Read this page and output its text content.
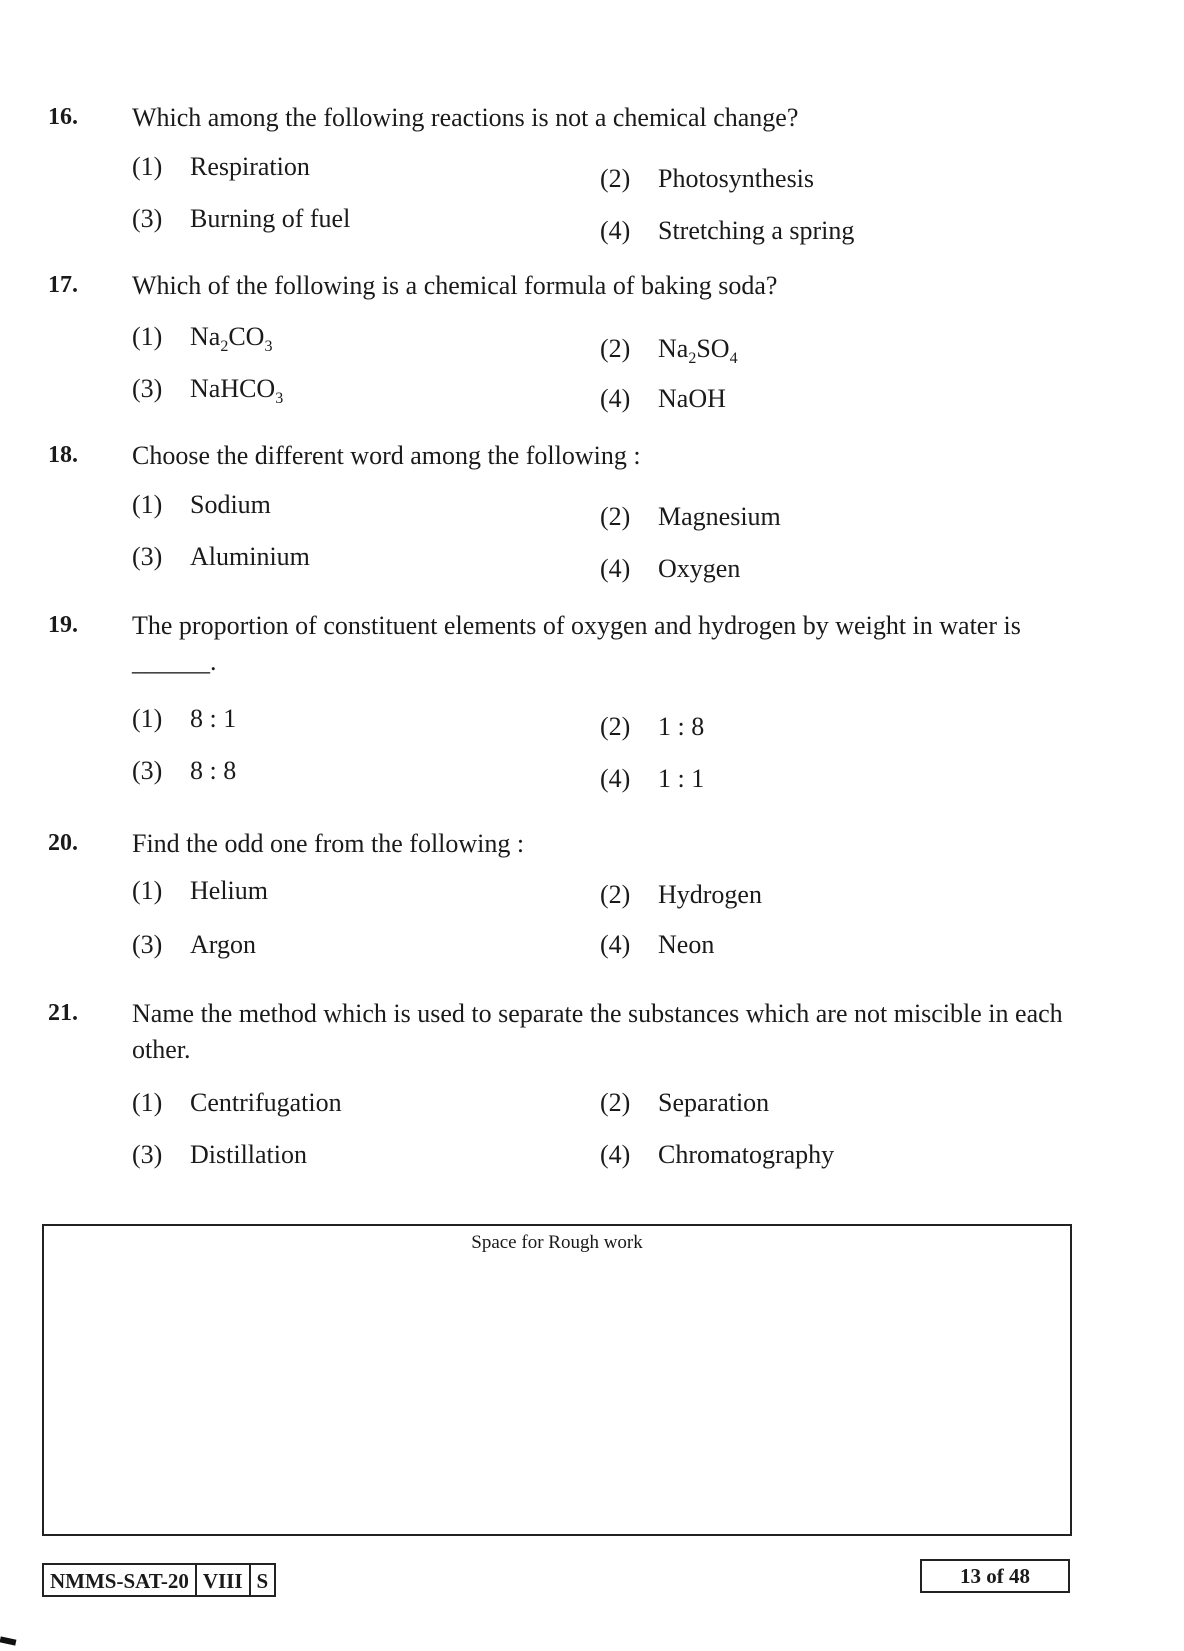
16. Which among the following reactions is not a chemical change?
(1) Respiration	(2) Photosynthesis
(3) Burning of fuel	(4) Stretching a spring
17. Which of the following is a chemical formula of baking soda?
(1) $Na_2CO_3$	(2) $Na_2SO_4$
(3) NaHCO$_3$	(4) NaOH
18. Choose the different word among the following :
(1) Sodium	(2) Magnesium
(3) Aluminium	(4) Oxygen
19. The proportion of constituent elements of oxygen and hydrogen by weight in water is ______.
(1) 8 : 1	(2) 1 : 8
(3) 8 : 8	(4) 1 : 1
20. Find the odd one from the following :
(1) Helium	(2) Hydrogen
(3) Argon	(4) Neon
21. Name the method which is used to separate the substances which are not miscible in each other.
(1) Centrifugation	(2) Separation
(3) Distillation	(4) Chromatography
Space for Rough work
NMMS-SAT-20 VIII S	13 of 48
